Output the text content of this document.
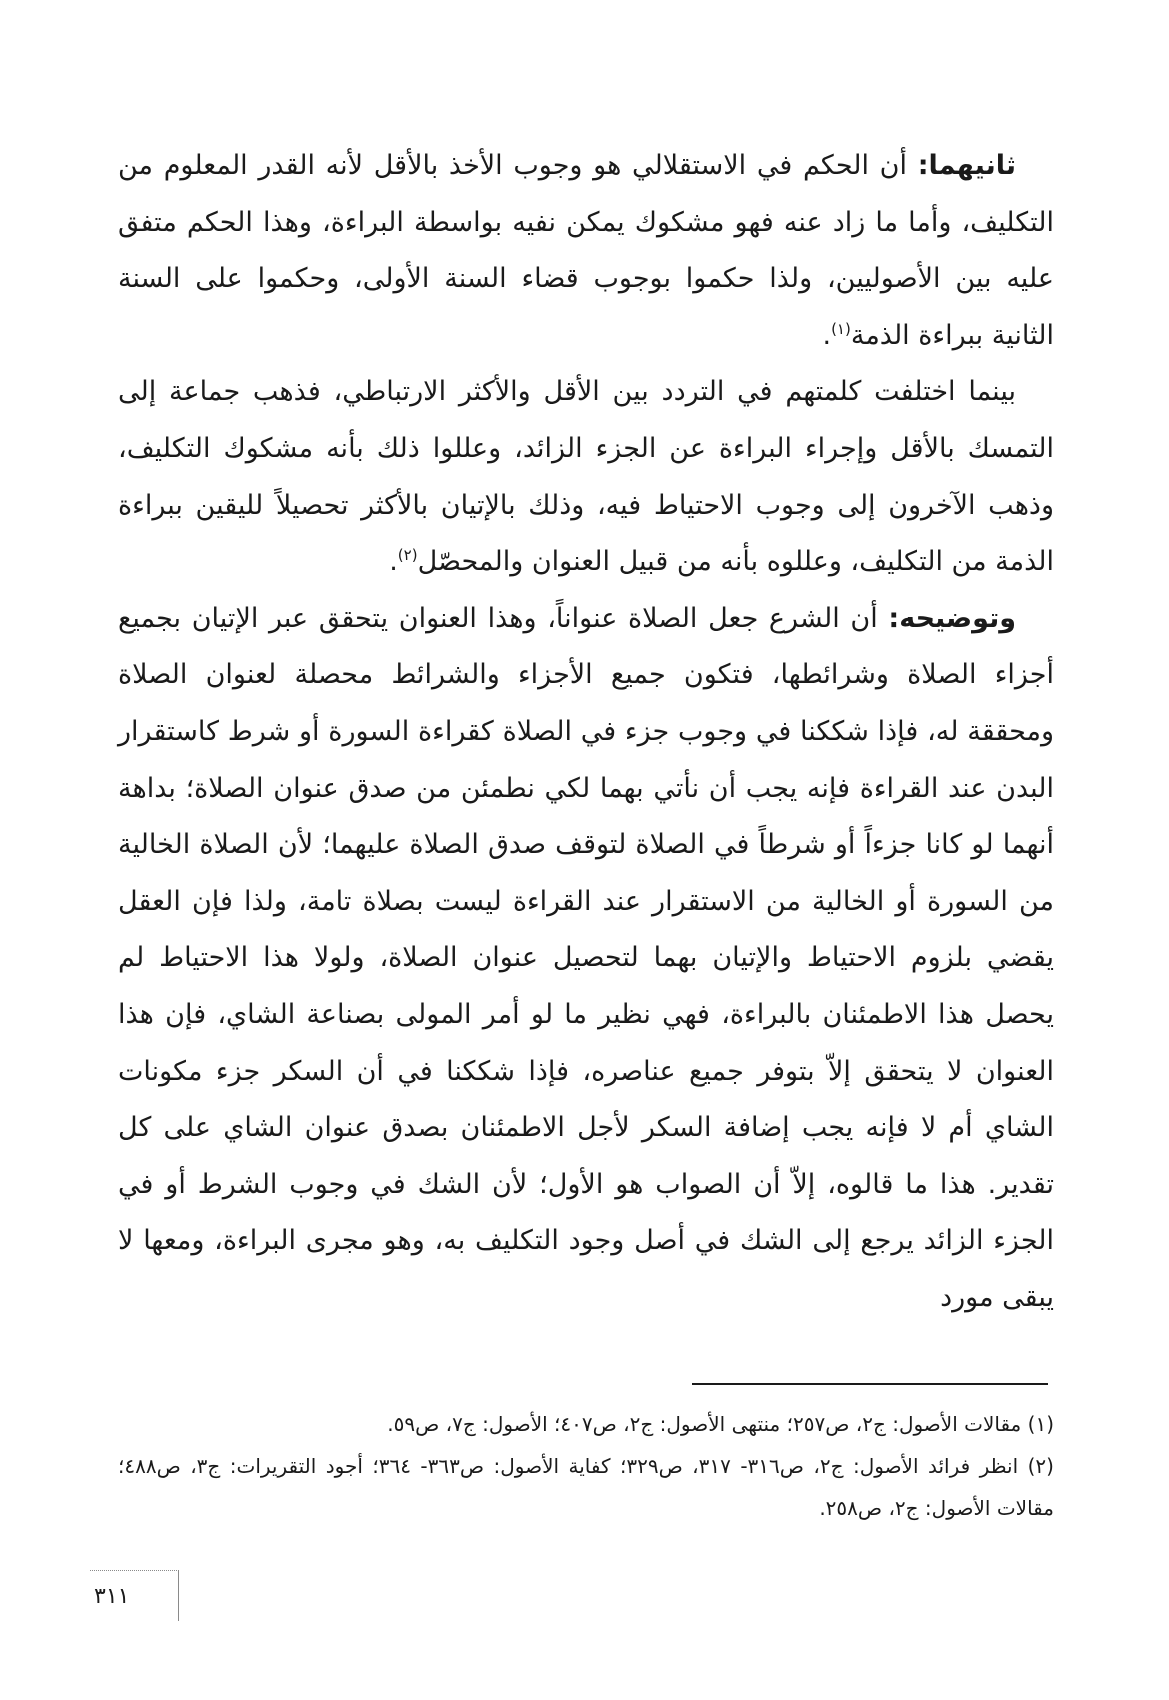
ثانيهما: أن الحكم في الاستقلالي هو وجوب الأخذ بالأقل لأنه القدر المعلوم من التكليف، وأما ما زاد عنه فهو مشكوك يمكن نفيه بواسطة البراءة، وهذا الحكم متفق عليه بين الأصوليين، ولذا حكموا بوجوب قضاء السنة الأولى، وحكموا على السنة الثانية ببراءة الذمة$^{(١)}$.

بينما اختلفت كلمتهم في التردد بين الأقل والأكثر الارتباطي، فذهب جماعة إلى التمسك بالأقل وإجراء البراءة عن الجزء الزائد، وعللوا ذلك بأنه مشكوك التكليف، وذهب الآخرون إلى وجوب الاحتياط فيه، وذلك بالإتيان بالأكثر تحصيلاً لليقين ببراءة الذمة من التكليف، وعللوه بأنه من قبيل العنوان والمحصّل$^{(٢)}$.

وتوضيحه: أن الشرع جعل الصلاة عنواناً، وهذا العنوان يتحقق عبر الإتيان بجميع أجزاء الصلاة وشرائطها، فتكون جميع الأجزاء والشرائط محصلة لعنوان الصلاة ومحققة له، فإذا شككنا في وجوب جزء في الصلاة كقراءة السورة أو شرط كاستقرار البدن عند القراءة فإنه يجب أن نأتي بهما لكي نطمئن من صدق عنوان الصلاة؛ بداهة أنهما لو كانا جزءاً أو شرطاً في الصلاة لتوقف صدق الصلاة عليهما؛ لأن الصلاة الخالية من السورة أو الخالية من الاستقرار عند القراءة ليست بصلاة تامة، ولذا فإن العقل يقضي بلزوم الاحتياط والإتيان بهما لتحصيل عنوان الصلاة، ولولا هذا الاحتياط لم يحصل هذا الاطمئنان بالبراءة، فهي نظير ما لو أمر المولى بصناعة الشاي، فإن هذا العنوان لا يتحقق إلاّ بتوفر جميع عناصره، فإذا شككنا في أن السكر جزء مكونات الشاي أم لا فإنه يجب إضافة السكر لأجل الاطمئنان بصدق عنوان الشاي على كل تقدير. هذا ما قالوه، إلاّ أن الصواب هو الأول؛ لأن الشك في وجوب الشرط أو في الجزء الزائد يرجع إلى الشك في أصل وجود التكليف به، وهو مجرى البراءة، ومعها لا يبقى مورد

(١) مقالات الأصول: ج٢، ص٢٥٧؛ منتهى الأصول: ج٢، ص٤٠٧؛ الأصول: ج٧، ص٥٩.

(٢) انظر فرائد الأصول: ج٢، ص٣١٦- ٣١٧، ص٣٢٩؛ كفاية الأصول: ص٣٦٣- ٣٦٤؛ أجود التقريرات: ج٣، ص٤٨٨؛ مقالات الأصول: ج٢، ص٢٥٨.

٣١١
